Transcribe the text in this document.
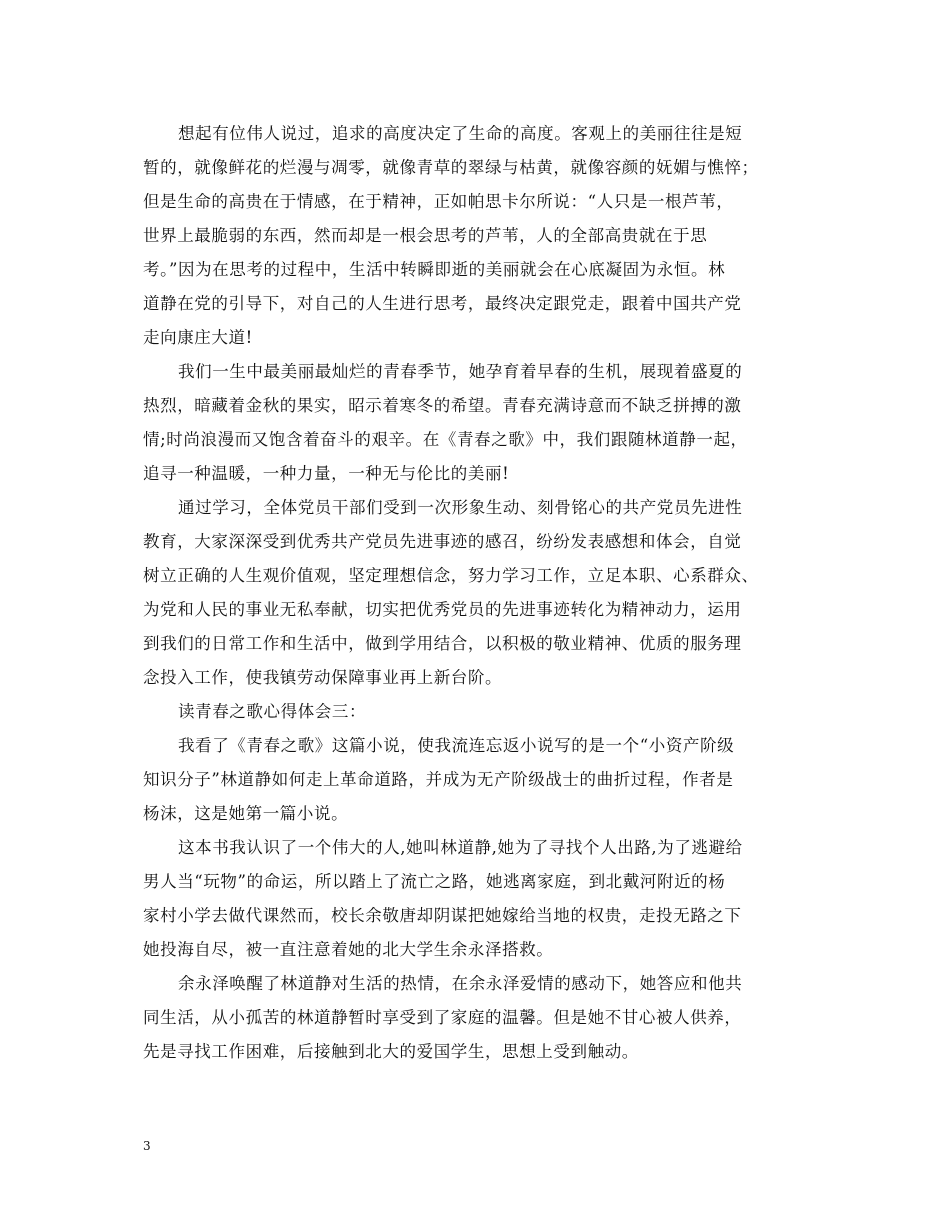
想起有位伟人说过，追求的高度决定了生命的高度。客观上的美丽往往是短
暂的，就像鲜花的烂漫与凋零，就像青草的翠绿与枯黄，就像容颜的妩媚与憔悴；
但是生命的高贵在于情感，在于精神，正如帕思卡尔所说：“人只是一根芦苇，
世界上最脆弱的东西，然而却是一根会思考的芦苇，人的全部高贵就在于思
考。”因为在思考的过程中，生活中转瞬即逝的美丽就会在心底凝固为永恒。林
道静在党的引导下，对自己的人生进行思考，最终决定跟党走，跟着中国共产党
走向康庄大道!
我们一生中最美丽最灿烂的青春季节，她孕育着早春的生机，展现着盛夏的
热烈，暗藏着金秋的果实，昭示着寒冬的希望。青春充满诗意而不缺乏拼搏的激
情;时尚浪漫而又饱含着奋斗的艰辛。在《青春之歌》中，我们跟随林道静一起，
追寻一种温暖，一种力量，一种无与伦比的美丽!
通过学习，全体党员干部们受到一次形象生动、刻骨铭心的共产党员先进性
教育，大家深深受到优秀共产党员先进事迹的感召，纷纷发表感想和体会，自觉
树立正确的人生观价值观，坚定理想信念，努力学习工作，立足本职、心系群众、
为党和人民的事业无私奉献，切实把优秀党员的先进事迹转化为精神动力，运用
到我们的日常工作和生活中，做到学用结合，以积极的敬业精神、优质的服务理
念投入工作，使我镇劳动保障事业再上新台阶。
读青春之歌心得体会三：
我看了《青春之歌》这篇小说，使我流连忘返小说写的是一个“小资产阶级
知识分子”林道静如何走上革命道路，并成为无产阶级战士的曲折过程，作者是
杨沫，这是她第一篇小说。
这本书我认识了一个伟大的人,她叫林道静,她为了寻找个人出路,为了逃避给
男人当“玩物”的命运，所以踏上了流亡之路，她逃离家庭，到北戴河附近的杨
家村小学去做代课然而，校长余敬唐却阴谋把她嫁给当地的权贵，走投无路之下
她投海自尽，被一直注意着她的北大学生余永泽搭救。
余永泽唤醒了林道静对生活的热情，在余永泽爱情的感动下，她答应和他共
同生活，从小孤苦的林道静暂时享受到了家庭的温馨。但是她不甘心被人供养，
先是寻找工作困难，后接触到北大的爱国学生，思想上受到触动。
3
